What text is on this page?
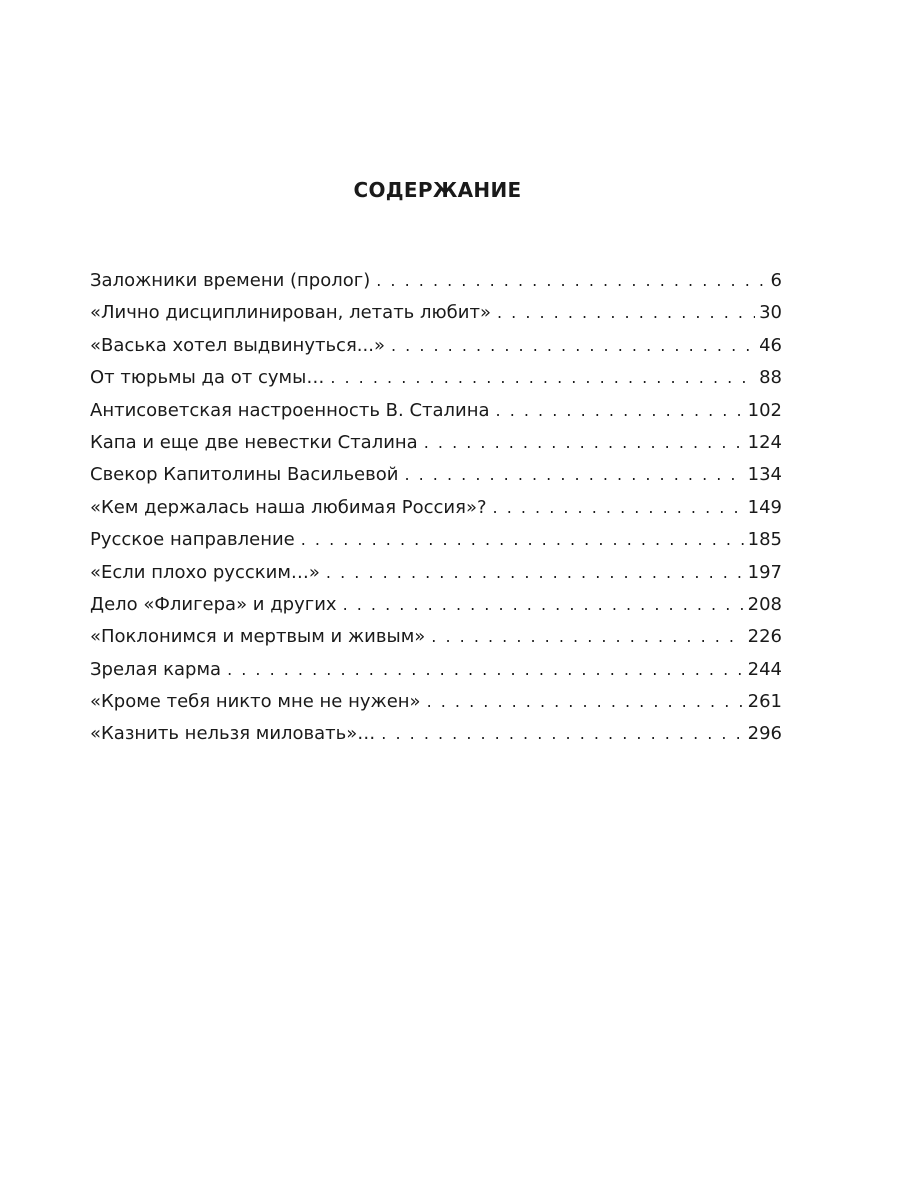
СОДЕРЖАНИЕ
Заложники времени (пролог) . . .	6
«Лично дисциплинирован, летать любит» . . .	30
«Васька хотел выдвинуться...» . . .	46
От тюрьмы да от сумы… . . .	88
Антисоветская настроенность В. Сталина . . .	102
Капа и еще две невестки Сталина . . .	124
Свекор Капитолины Васильевой . . .	134
«Кем держалась наша любимая Россия»? . . .	149
Русское направление . . .	185
«Если плохо русским…» . . .	197
Дело «Флигера» и других . . .	208
«Поклонимся и мертвым и живым» . . .	226
Зрелая карма . . .	244
«Кроме тебя никто мне не нужен» . . .	261
«Казнить нельзя миловать»… . . .	296
